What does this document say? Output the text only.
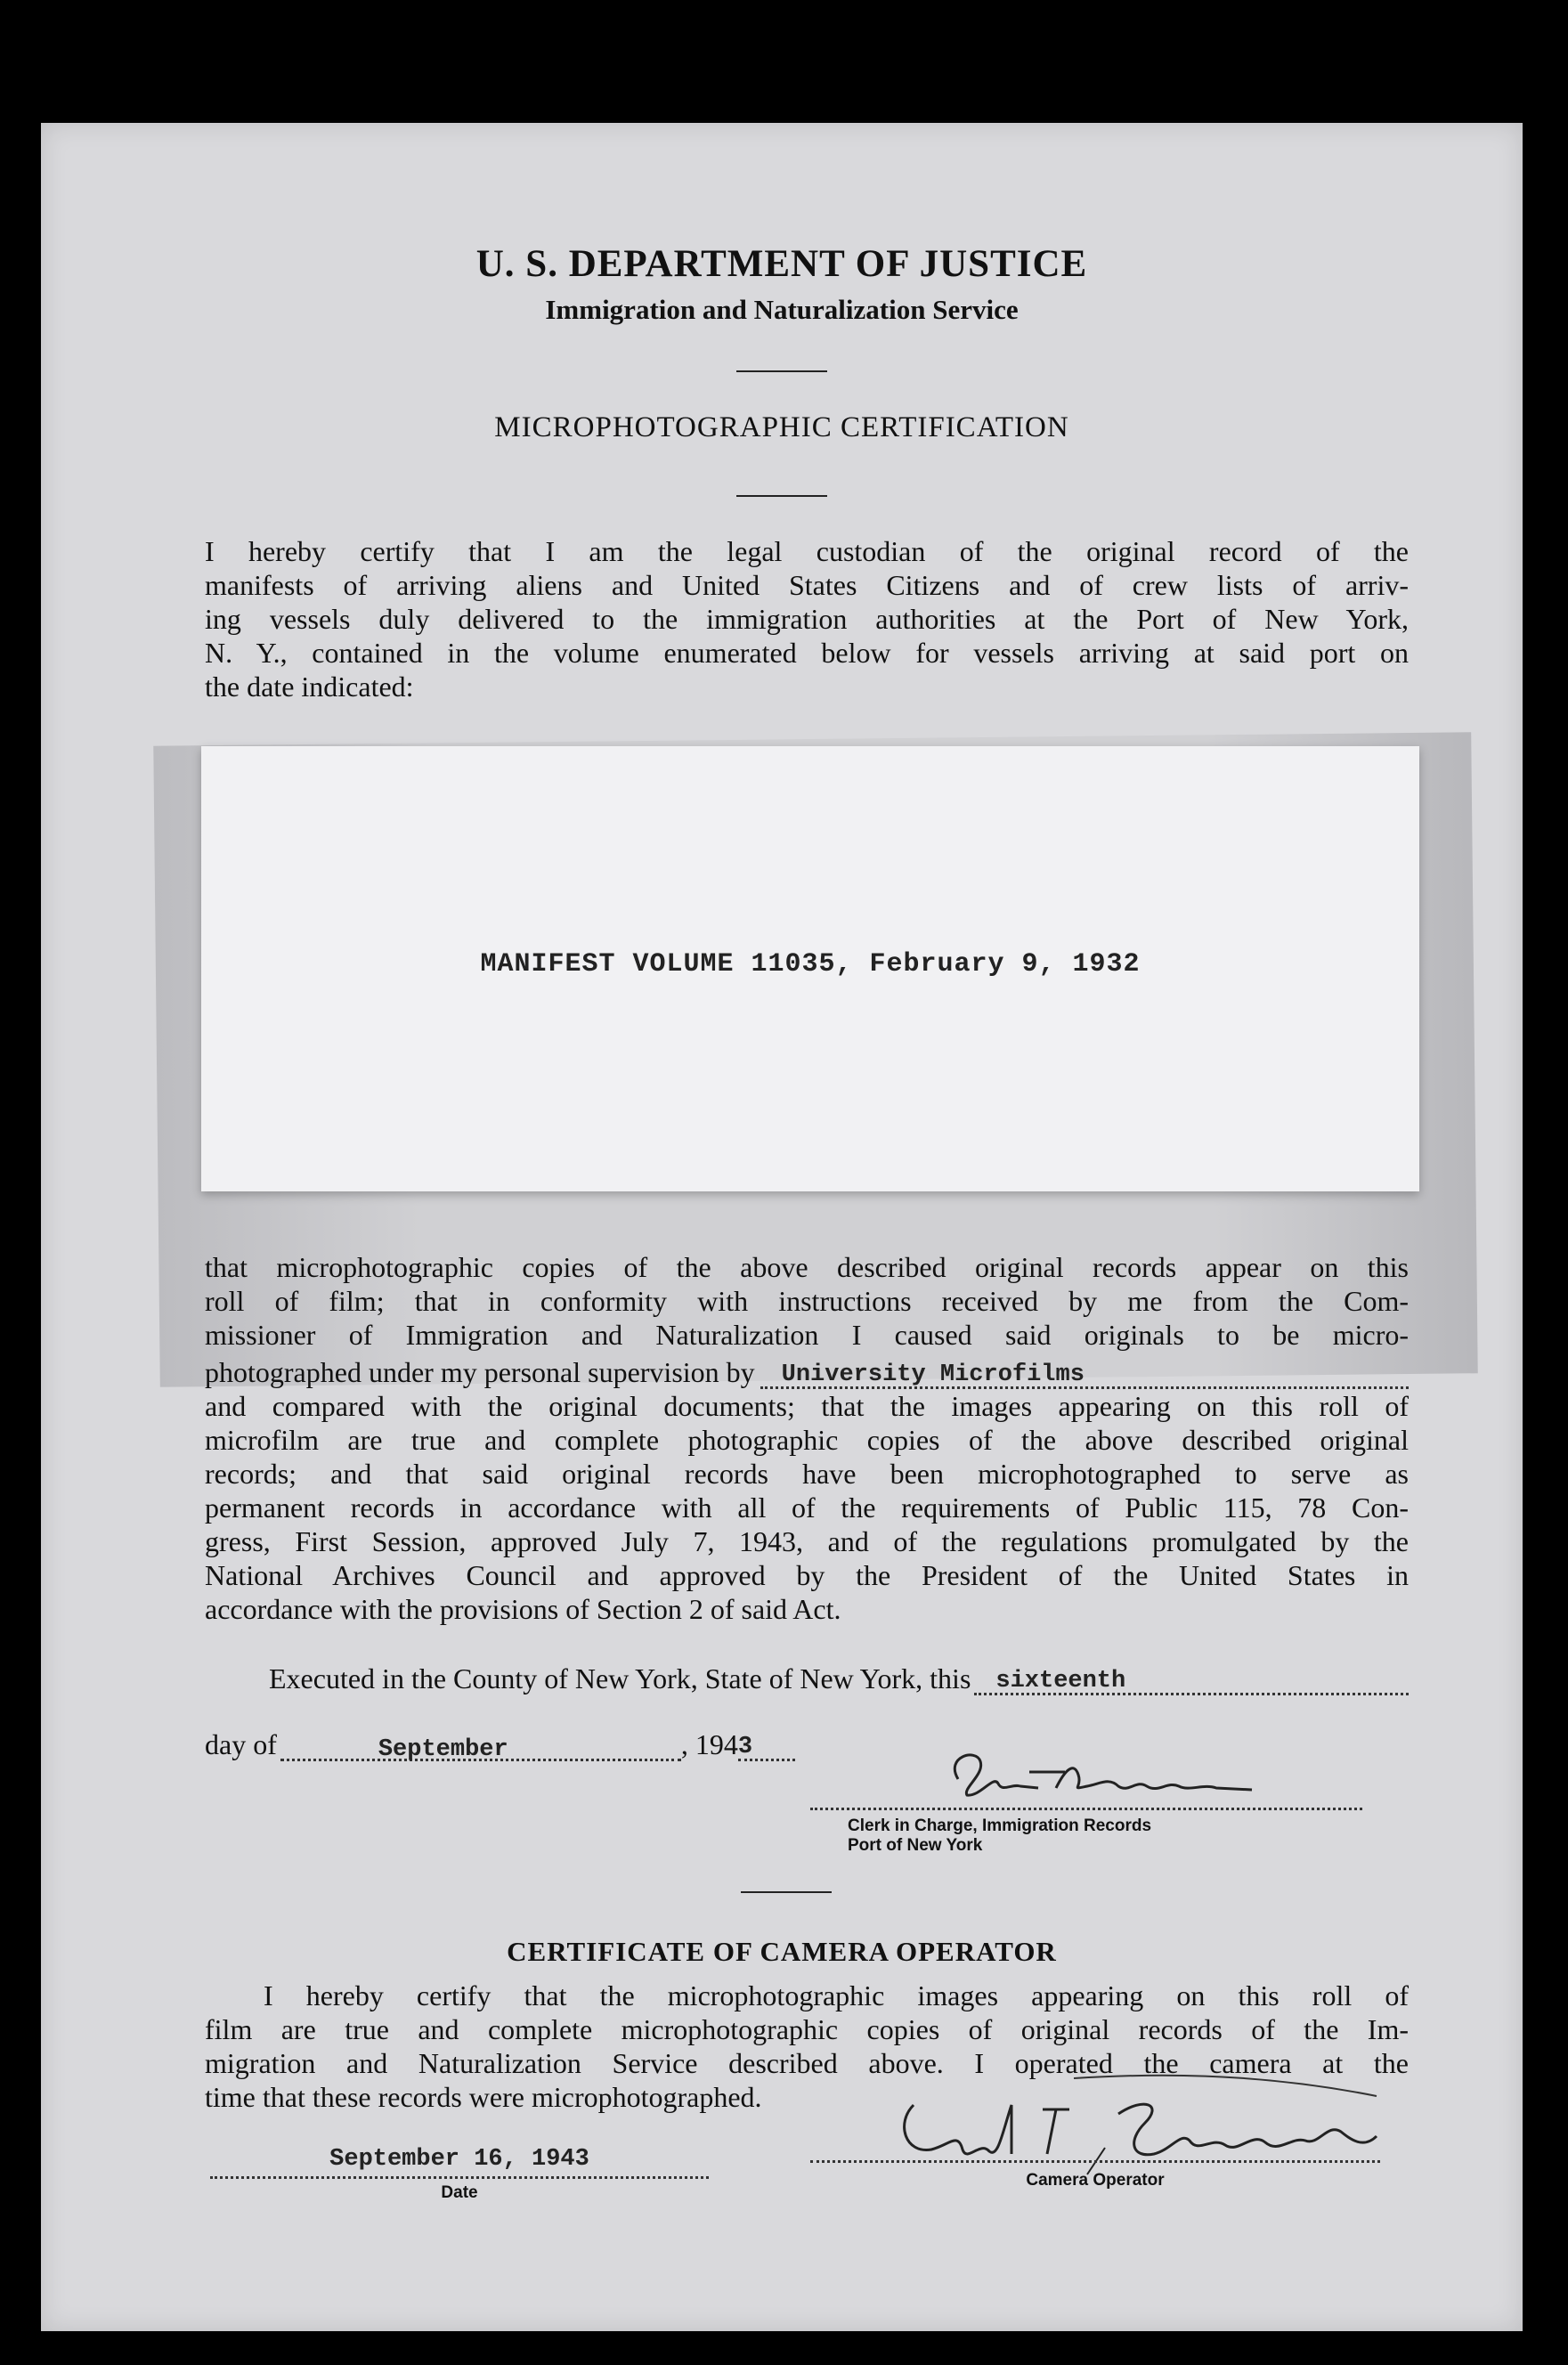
U. S. DEPARTMENT OF JUSTICE
Immigration and Naturalization Service
MICROPHOTOGRAPHIC CERTIFICATION
I hereby certify that I am the legal custodian of the original record of the
manifests of arriving aliens and United States Citizens and of crew lists of arriv-
ing vessels duly delivered to the immigration authorities at the Port of New York,
N. Y., contained in the volume enumerated below for vessels arriving at said port on
the date indicated:
MANIFEST VOLUME 11035, February 9, 1932
that microphotographic copies of the above described original records appear on this
roll of film; that in conformity with instructions received by me from the Com-
missioner of Immigration and Naturalization I caused said originals to be micro-
photographed under my personal supervision by	University Microfilms
and compared with the original documents; that the images appearing on this roll of
microfilm are true and complete photographic copies of the above described original
records; and that said original records have been microphotographed to serve as
permanent records in accordance with all of the requirements of Public 115, 78 Con-
gress, First Session, approved July 7, 1943, and of the regulations promulgated by the
National Archives Council and approved by the President of the United States in
accordance with the provisions of Section 2 of said Act.
Executed in the County of New York, State of New York, this	sixteenth
day of	September	, 194 3
Clerk in Charge, Immigration Records
Port of New York
CERTIFICATE OF CAMERA OPERATOR
I hereby certify that the microphotographic images appearing on this roll of
film are true and complete microphotographic copies of original records of the Im-
migration and Naturalization Service described above. I operated the camera at the
time that these records were microphotographed.
September 16, 1943
Date
Camera Operator
